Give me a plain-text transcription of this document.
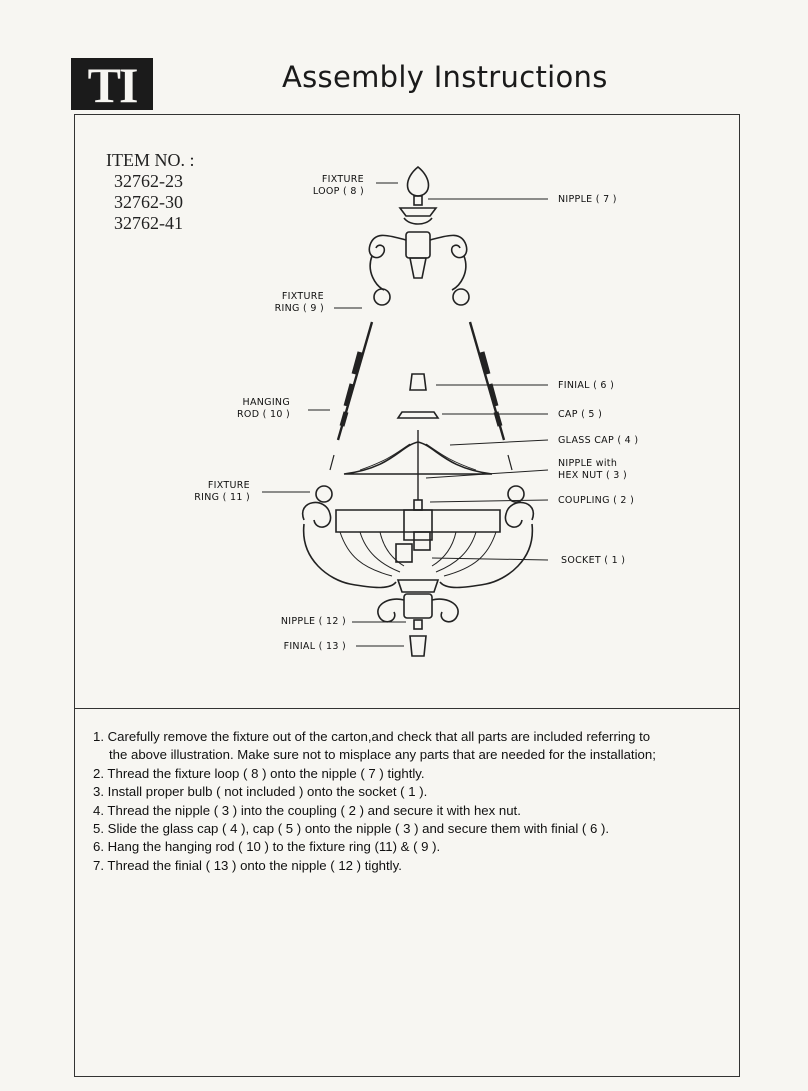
TI	Assembly Instructions
ITEM NO. :
32762-23
32762-30
32762-41
FIXTURE
LOOP ( 8 )
NIPPLE ( 7 )
FIXTURE
RING ( 9 )
HANGING
ROD ( 10 )
FINIAL ( 6 )
CAP ( 5 )
GLASS CAP ( 4 )
NIPPLE with
HEX NUT ( 3 )
FIXTURE
RING ( 11 )	COUPLING ( 2 )
SOCKET ( 1 )
NIPPLE ( 12 )
FINIAL ( 13 )
1. Carefully remove the fixture out of the carton,and check that all parts are included referring to
the above illustration. Make sure not to misplace any parts that are needed for the installation;
2. Thread the fixture loop ( 8 ) onto the nipple ( 7 ) tightly.
3. Install proper bulb ( not included ) onto the socket ( 1 ).
4. Thread the nipple ( 3 ) into the coupling ( 2 ) and secure it with hex nut.
5. Slide the glass cap ( 4 ), cap ( 5 ) onto the nipple ( 3 ) and secure them with finial ( 6 ).
6. Hang the hanging rod ( 10 ) to the fixture ring (11) & ( 9 ).
7. Thread the finial ( 13 ) onto the nipple ( 12 ) tightly.
